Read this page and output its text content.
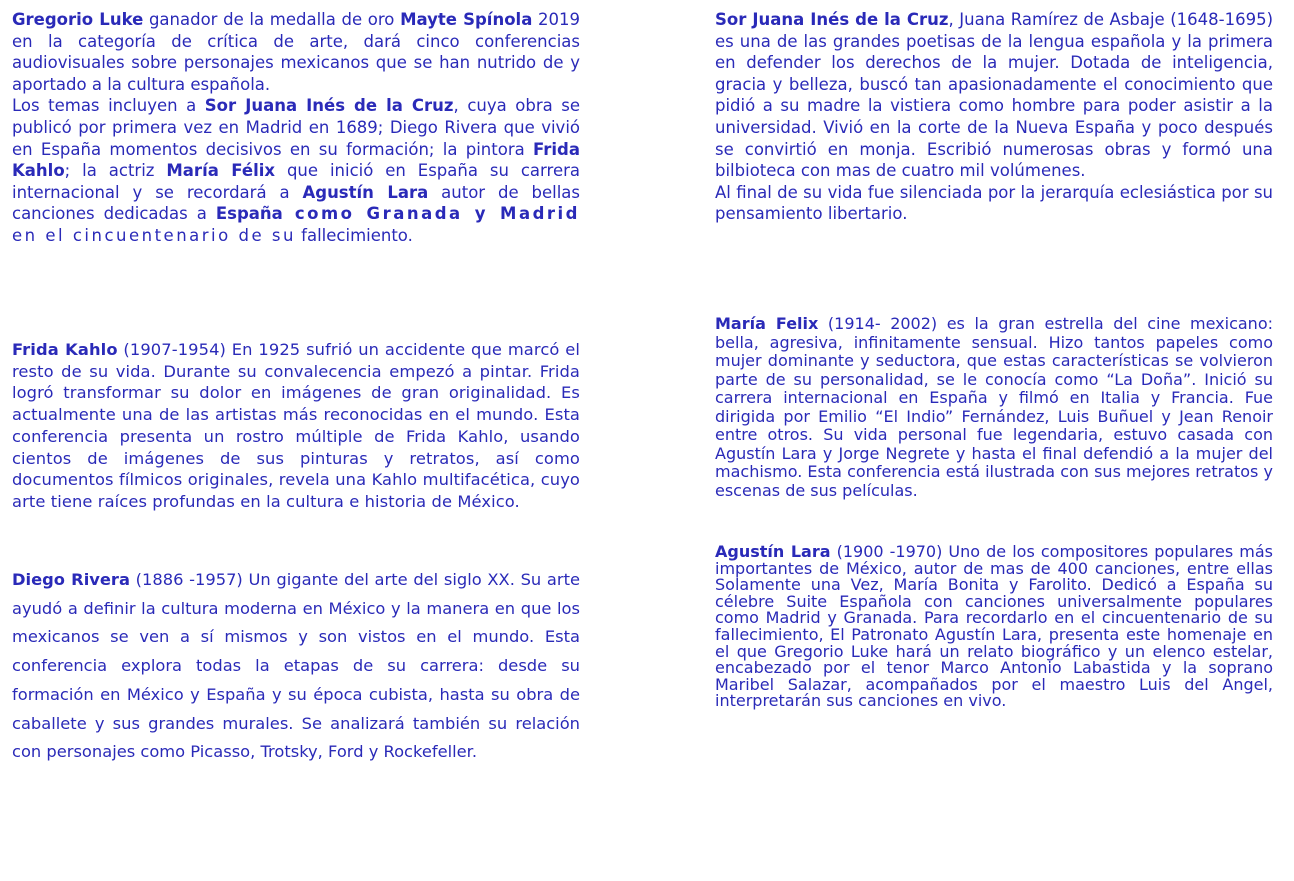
Gregorio Luke ganador de la medalla de oro Mayte Spínola 2019 en la categoría de crítica de arte, dará cinco conferencias audiovisuales sobre personajes mexicanos que se han nutrido de y aportado a la cultura española.

Los temas incluyen a Sor Juana Inés de la Cruz, cuya obra se publicó por primera vez en Madrid en 1689; Diego Rivera que vivió en España momentos decisivos en su formación; la pintora Frida Kahlo; la actriz María Félix que inició en España su carrera internacional y se recordará a Agustín Lara autor de bellas canciones dedicadas a España como Granada y Madrid en el cincuentenario de su fallecimiento.

Frida Kahlo (1907-1954) En 1925 sufrió un accidente que marcó el resto de su vida. Durante su convalecencia empezó a pintar. Frida logró transformar su dolor en imágenes de gran originalidad. Es actualmente una de las artistas más reconocidas en el mundo. Esta conferencia presenta un rostro múltiple de Frida Kahlo, usando cientos de imágenes de sus pinturas y retratos, así como documentos fílmicos originales, revela una Kahlo multifacética, cuyo arte tiene raíces profundas en la cultura e historia de México.

Diego Rivera (1886 -1957) Un gigante del arte del siglo XX. Su arte ayudó a definir la cultura moderna en México y la manera en que los mexicanos se ven a sí mismos y son vistos en el mundo. Esta conferencia explora todas la etapas de su carrera: desde su formación en México y España y su época cubista, hasta su obra de caballete y sus grandes murales. Se analizará también su relación con personajes como Picasso, Trotsky, Ford y Rockefeller.

Sor Juana Inés de la Cruz, Juana Ramírez de Asbaje (1648-1695) es una de las grandes poetisas de la lengua española y la primera en defender los derechos de la mujer. Dotada de inteligencia, gracia y belleza, buscó tan apasionadamente el conocimiento que pidió a su madre la vistiera como hombre para poder asistir a la universidad. Vivió en la corte de la Nueva España y poco después se convirtió en monja. Escribió numerosas obras y formó una bilbioteca con mas de cuatro mil volúmenes.

Al final de su vida fue silenciada por la jerarquía eclesiástica por su pensamiento libertario.

María Felix (1914- 2002) es la gran estrella del cine mexicano: bella, agresiva, infinitamente sensual. Hizo tantos papeles como mujer dominante y seductora, que estas características se volvieron parte de su personalidad, se le conocía como “La Doña”. Inició su carrera internacional en España y filmó en Italia y Francia. Fue dirigida por Emilio “El Indio” Fernández, Luis Buñuel y Jean Renoir entre otros. Su vida personal fue legendaria, estuvo casada con Agustín Lara y Jorge Negrete y hasta el final defendió a la mujer del machismo. Esta conferencia está ilustrada con sus mejores retratos y escenas de sus películas.

Agustín Lara (1900 -1970) Uno de los compositores populares más importantes de México, autor de mas de 400 canciones, entre ellas Solamente una Vez, María Bonita y Farolito. Dedicó a España su célebre Suite Española con canciones universalmente populares como Madrid y Granada. Para recordarlo en el cincuentenario de su fallecimiento, El Patronato Agustín Lara, presenta este homenaje en el que Gregorio Luke hará un relato biográfico y un elenco estelar, encabezado por el tenor Marco Antonio Labastida y la soprano Maribel Salazar, acompañados por el maestro Luis del Angel, interpretarán sus canciones en vivo.
